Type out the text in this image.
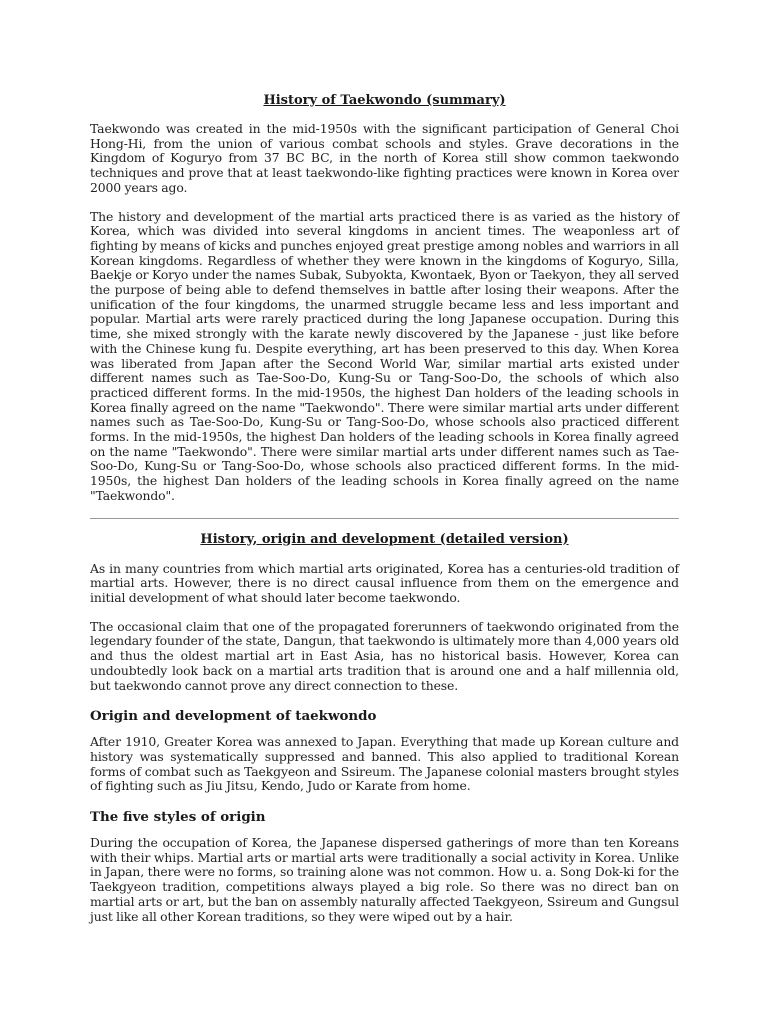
History of Taekwondo (summary)

Taekwondo was created in the mid-1950s with the significant participation of General Choi Hong-Hi, from the union of various combat schools and styles. Grave decorations in the Kingdom of Koguryo from 37 BC BC, in the north of Korea still show common taekwondo techniques and prove that at least taekwondo-like fighting practices were known in Korea over 2000 years ago.

The history and development of the martial arts practiced there is as varied as the history of Korea, which was divided into several kingdoms in ancient times. The weaponless art of fighting by means of kicks and punches enjoyed great prestige among nobles and warriors in all Korean kingdoms. Regardless of whether they were known in the kingdoms of Koguryo, Silla, Baekje or Koryo under the names Subak, Subyokta, Kwontaek, Byon or Taekyon, they all served the purpose of being able to defend themselves in battle after losing their weapons. After the unification of the four kingdoms, the unarmed struggle became less and less important and popular. Martial arts were rarely practiced during the long Japanese occupation. During this time, she mixed strongly with the karate newly discovered by the Japanese - just like before with the Chinese kung fu. Despite everything, art has been preserved to this day. When Korea was liberated from Japan after the Second World War, similar martial arts existed under different names such as Tae-Soo-Do, Kung-Su or Tang-Soo-Do, the schools of which also practiced different forms. In the mid-1950s, the highest Dan holders of the leading schools in Korea finally agreed on the name "Taekwondo". There were similar martial arts under different names such as Tae-Soo-Do, Kung-Su or Tang-Soo-Do, whose schools also practiced different forms. In the mid-1950s, the highest Dan holders of the leading schools in Korea finally agreed on the name "Taekwondo". There were similar martial arts under different names such as Tae-Soo-Do, Kung-Su or Tang-Soo-Do, whose schools also practiced different forms. In the mid-1950s, the highest Dan holders of the leading schools in Korea finally agreed on the name "Taekwondo".

History, origin and development (detailed version)

As in many countries from which martial arts originated, Korea has a centuries-old tradition of martial arts. However, there is no direct causal influence from them on the emergence and initial development of what should later become taekwondo.

The occasional claim that one of the propagated forerunners of taekwondo originated from the legendary founder of the state, Dangun, that taekwondo is ultimately more than 4,000 years old and thus the oldest martial art in East Asia, has no historical basis. However, Korea can undoubtedly look back on a martial arts tradition that is around one and a half millennia old, but taekwondo cannot prove any direct connection to these.

Origin and development of taekwondo

After 1910, Greater Korea was annexed to Japan. Everything that made up Korean culture and history was systematically suppressed and banned. This also applied to traditional Korean forms of combat such as Taekgyeon and Ssireum. The Japanese colonial masters brought styles of fighting such as Jiu Jitsu, Kendo, Judo or Karate from home.

The five styles of origin

During the occupation of Korea, the Japanese dispersed gatherings of more than ten Koreans with their whips. Martial arts or martial arts were traditionally a social activity in Korea. Unlike in Japan, there were no forms, so training alone was not common. How u. a. Song Dok-ki for the Taekgyeon tradition, competitions always played a big role. So there was no direct ban on martial arts or art, but the ban on assembly naturally affected Taekgyeon, Ssireum and Gungsul just like all other Korean traditions, so they were wiped out by a hair.
